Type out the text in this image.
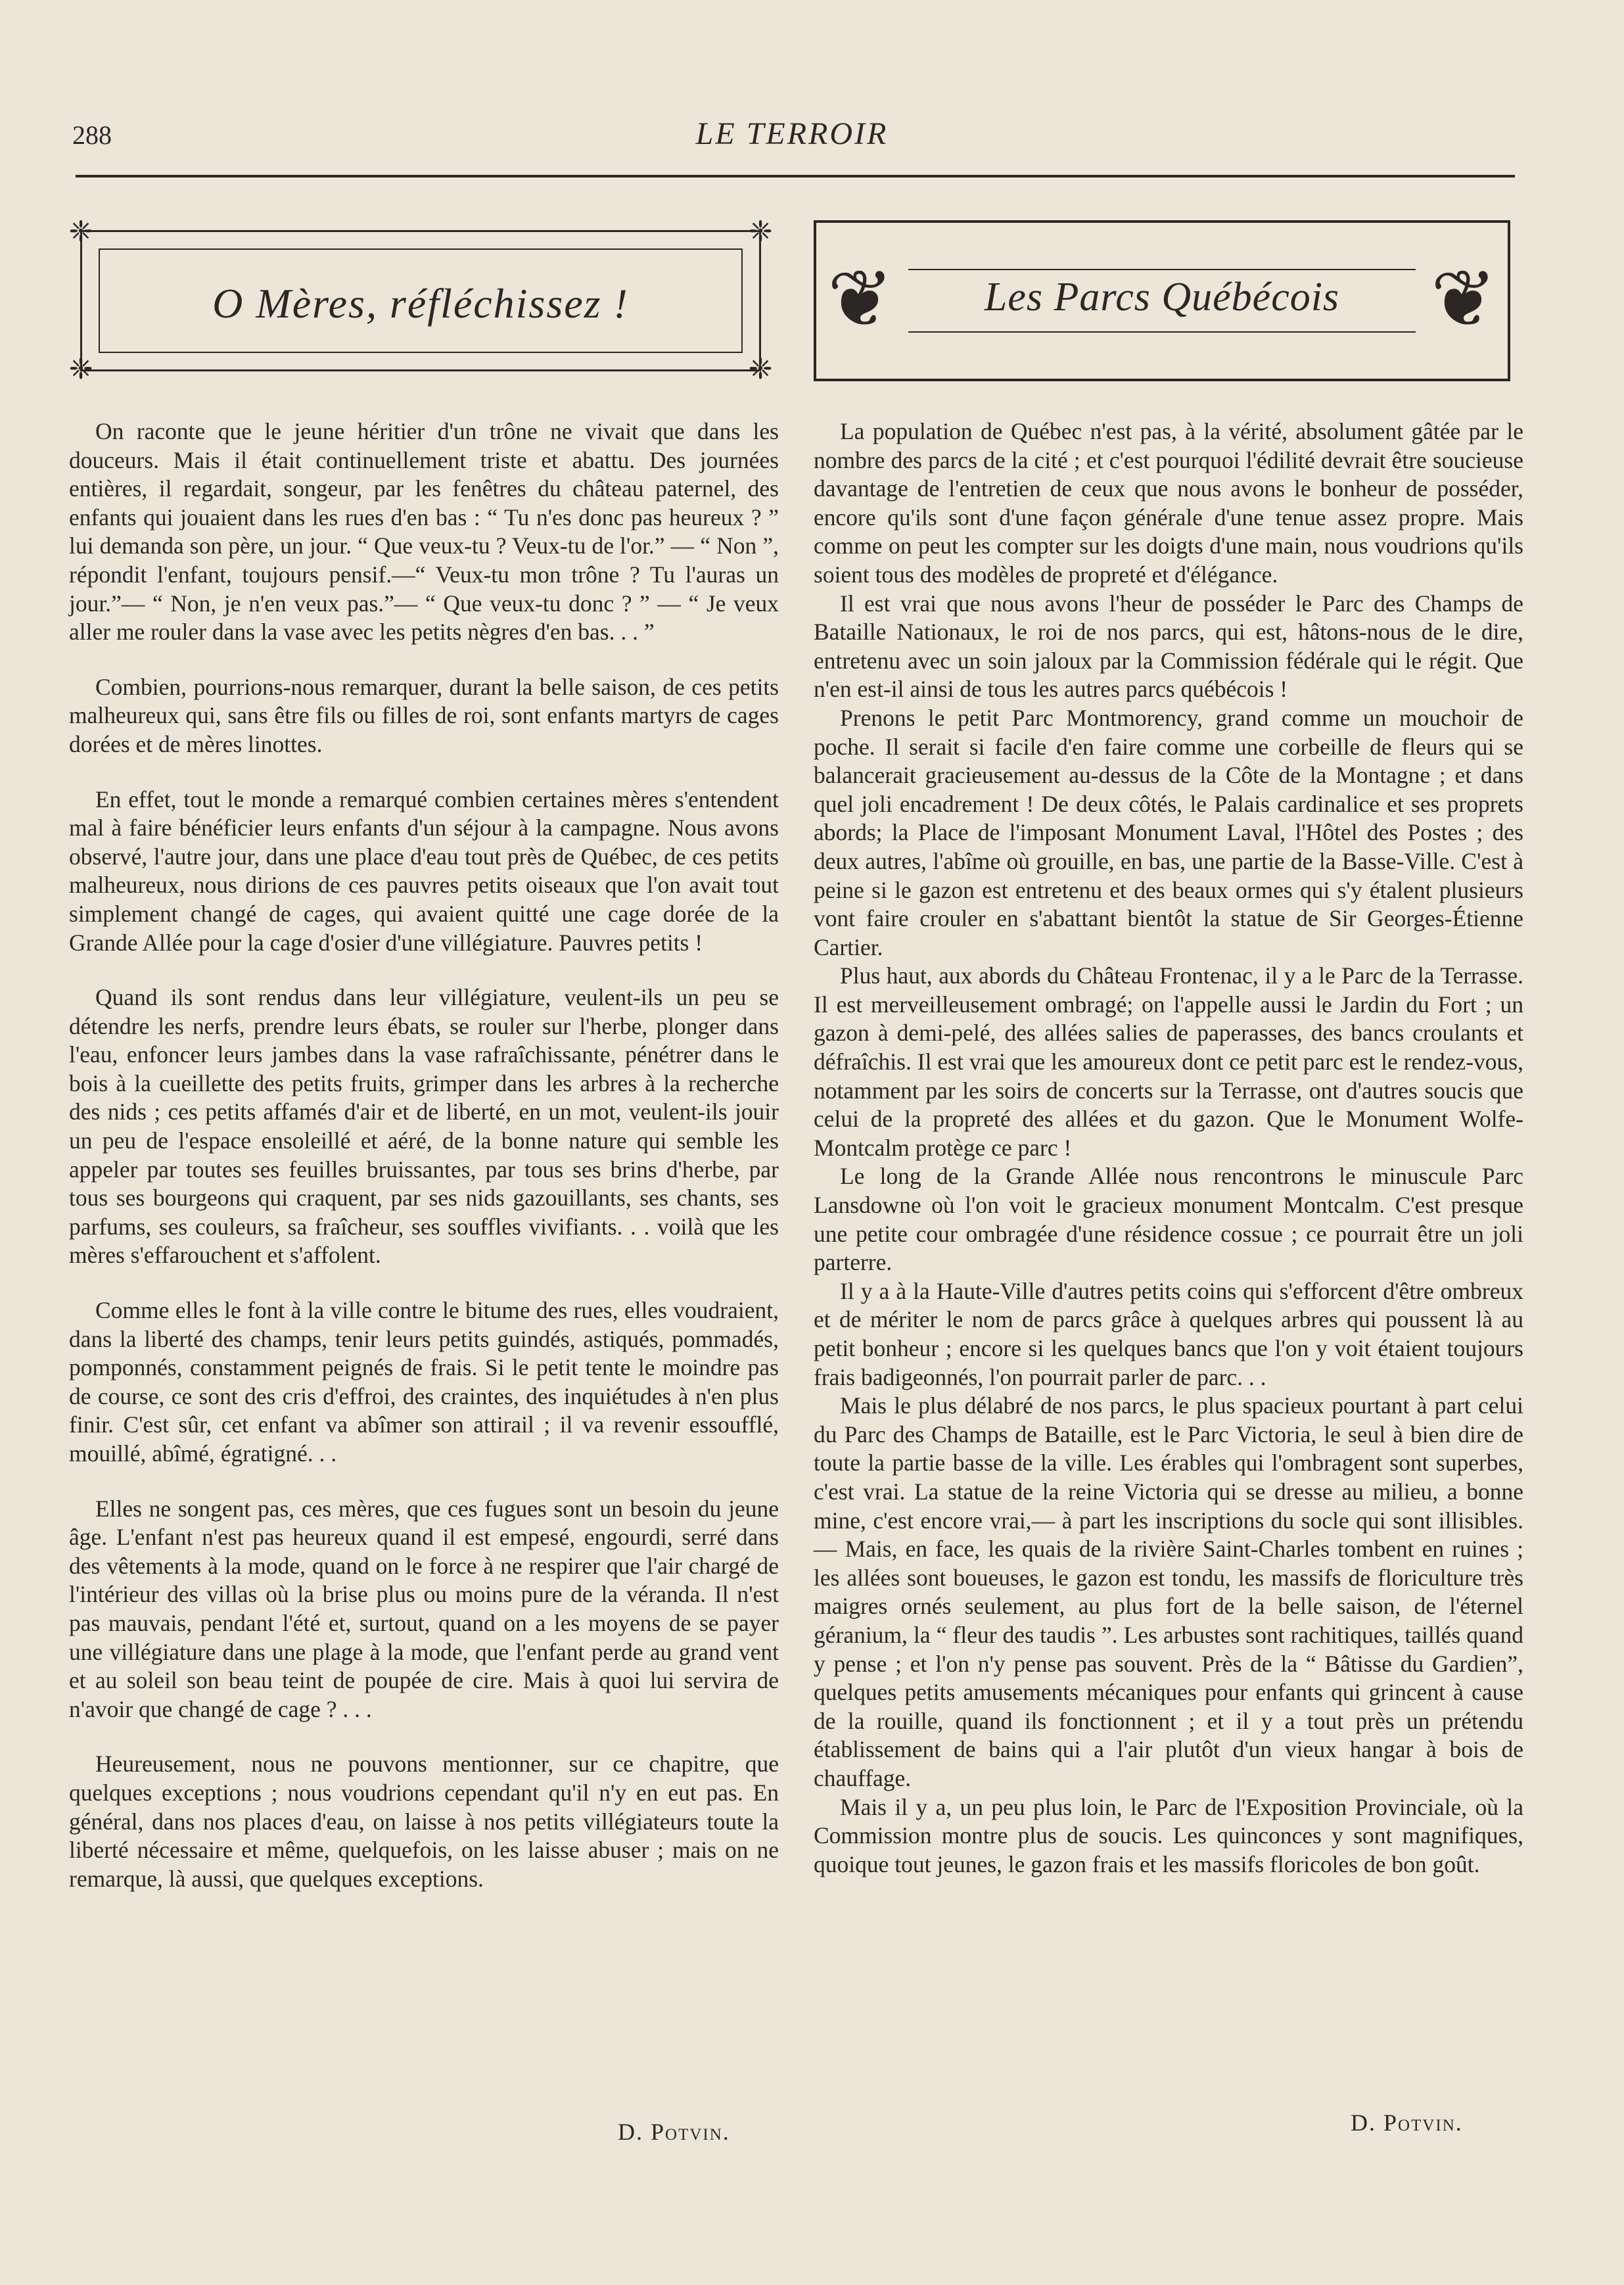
288	LE TERROIR
❈	❈
❈	❈
O Mères, réfléchissez !	❦	❦
Les Parcs Québécois

On raconte que le jeune héritier d'un trône ne vivait que dans les douceurs. Mais il était continuellement triste et abattu. Des journées entières, il regardait, songeur, par les fenêtres du château paternel, des enfants qui jouaient dans les rues d'en bas : “ Tu n'es donc pas heureux ? ” lui demanda son père, un jour. “ Que veux-tu ? Veux-tu de l'or.” — “ Non ”, répondit l'enfant, toujours pensif.—“ Veux-tu mon trône ? Tu l'auras un jour.”— “ Non, je n'en veux pas.”— “ Que veux-tu donc ? ” — “ Je veux aller me rouler dans la vase avec les petits nègres d'en bas. . . ”

Combien, pourrions-nous remarquer, durant la belle saison, de ces petits malheureux qui, sans être fils ou filles de roi, sont enfants martyrs de cages dorées et de mères linottes.

En effet, tout le monde a remarqué combien certaines mères s'entendent mal à faire bénéficier leurs enfants d'un séjour à la campagne. Nous avons observé, l'autre jour, dans une place d'eau tout près de Québec, de ces petits malheureux, nous dirions de ces pauvres petits oiseaux que l'on avait tout simplement changé de cages, qui avaient quitté une cage dorée de la Grande Allée pour la cage d'osier d'une villégiature. Pauvres petits !

Quand ils sont rendus dans leur villégiature, veulent-ils un peu se détendre les nerfs, prendre leurs ébats, se rouler sur l'herbe, plonger dans l'eau, enfoncer leurs jambes dans la vase rafraîchissante, pénétrer dans le bois à la cueillette des petits fruits, grimper dans les arbres à la recherche des nids ; ces petits affamés d'air et de liberté, en un mot, veulent-ils jouir un peu de l'espace ensoleillé et aéré, de la bonne nature qui semble les appeler par toutes ses feuilles bruissantes, par tous ses brins d'herbe, par tous ses bourgeons qui craquent, par ses nids gazouillants, ses chants, ses parfums, ses couleurs, sa fraîcheur, ses souffles vivifiants. . . voilà que les mères s'effarouchent et s'affolent.

Comme elles le font à la ville contre le bitume des rues, elles voudraient, dans la liberté des champs, tenir leurs petits guindés, astiqués, pommadés, pomponnés, constamment peignés de frais. Si le petit tente le moindre pas de course, ce sont des cris d'effroi, des craintes, des inquiétudes à n'en plus finir. C'est sûr, cet enfant va abîmer son attirail ; il va revenir essoufflé, mouillé, abîmé, égratigné. . .

Elles ne songent pas, ces mères, que ces fugues sont un besoin du jeune âge. L'enfant n'est pas heureux quand il est empesé, engourdi, serré dans des vêtements à la mode, quand on le force à ne respirer que l'air chargé de l'intérieur des villas où la brise plus ou moins pure de la véranda. Il n'est pas mauvais, pendant l'été et, surtout, quand on a les moyens de se payer une villégiature dans une plage à la mode, que l'enfant perde au grand vent et au soleil son beau teint de poupée de cire. Mais à quoi lui servira de n'avoir que changé de cage ? . . .

Heureusement, nous ne pouvons mentionner, sur ce chapitre, que quelques exceptions ; nous voudrions cependant qu'il n'y en eut pas. En général, dans nos places d'eau, on laisse à nos petits villégiateurs toute la liberté nécessaire et même, quelquefois, on les laisse abuser ; mais on ne remarque, là aussi, que quelques exceptions.

D. Potvin.

La population de Québec n'est pas, à la vérité, absolument gâtée par le nombre des parcs de la cité ; et c'est pourquoi l'édilité devrait être soucieuse davantage de l'entretien de ceux que nous avons le bonheur de posséder, encore qu'ils sont d'une façon générale d'une tenue assez propre. Mais comme on peut les compter sur les doigts d'une main, nous voudrions qu'ils soient tous des modèles de propreté et d'élégance.

Il est vrai que nous avons l'heur de posséder le Parc des Champs de Bataille Nationaux, le roi de nos parcs, qui est, hâtons-nous de le dire, entretenu avec un soin jaloux par la Commission fédérale qui le régit. Que n'en est-il ainsi de tous les autres parcs québécois !

Prenons le petit Parc Montmorency, grand comme un mouchoir de poche. Il serait si facile d'en faire comme une corbeille de fleurs qui se balancerait gracieusement au-dessus de la Côte de la Montagne ; et dans quel joli encadrement ! De deux côtés, le Palais cardinalice et ses proprets abords; la Place de l'imposant Monument Laval, l'Hôtel des Postes ; des deux autres, l'abîme où grouille, en bas, une partie de la Basse-Ville. C'est à peine si le gazon est entretenu et des beaux ormes qui s'y étalent plusieurs vont faire crouler en s'abattant bientôt la statue de Sir Georges-Étienne Cartier.

Plus haut, aux abords du Château Frontenac, il y a le Parc de la Terrasse. Il est merveilleusement ombragé; on l'appelle aussi le Jardin du Fort ; un gazon à demi-pelé, des allées salies de paperasses, des bancs croulants et défraîchis. Il est vrai que les amoureux dont ce petit parc est le rendez-vous, notamment par les soirs de concerts sur la Terrasse, ont d'autres soucis que celui de la propreté des allées et du gazon. Que le Monument Wolfe-Montcalm protège ce parc !

Le long de la Grande Allée nous rencontrons le minuscule Parc Lansdowne où l'on voit le gracieux monument Montcalm. C'est presque une petite cour ombragée d'une résidence cossue ; ce pourrait être un joli parterre.

Il y a à la Haute-Ville d'autres petits coins qui s'efforcent d'être ombreux et de mériter le nom de parcs grâce à quelques arbres qui poussent là au petit bonheur ; encore si les quelques bancs que l'on y voit étaient toujours frais badigeonnés, l'on pourrait parler de parc. . .

Mais le plus délabré de nos parcs, le plus spacieux pourtant à part celui du Parc des Champs de Bataille, est le Parc Victoria, le seul à bien dire de toute la partie basse de la ville. Les érables qui l'ombragent sont superbes, c'est vrai. La statue de la reine Victoria qui se dresse au milieu, a bonne mine, c'est encore vrai,— à part les inscriptions du socle qui sont illisibles.— Mais, en face, les quais de la rivière Saint-Charles tombent en ruines ; les allées sont boueuses, le gazon est tondu, les massifs de floriculture très maigres ornés seulement, au plus fort de la belle saison, de l'éternel géranium, la “ fleur des taudis ”. Les arbustes sont rachitiques, taillés quand y pense ; et l'on n'y pense pas souvent. Près de la “ Bâtisse du Gardien”, quelques petits amusements mécaniques pour enfants qui grincent à cause de la rouille, quand ils fonctionnent ; et il y a tout près un prétendu établissement de bains qui a l'air plutôt d'un vieux hangar à bois de chauffage.

Mais il y a, un peu plus loin, le Parc de l'Exposition Provinciale, où la Commission montre plus de soucis. Les quinconces y sont magnifiques, quoique tout jeunes, le gazon frais et les massifs floricoles de bon goût.

D. Potvin.
